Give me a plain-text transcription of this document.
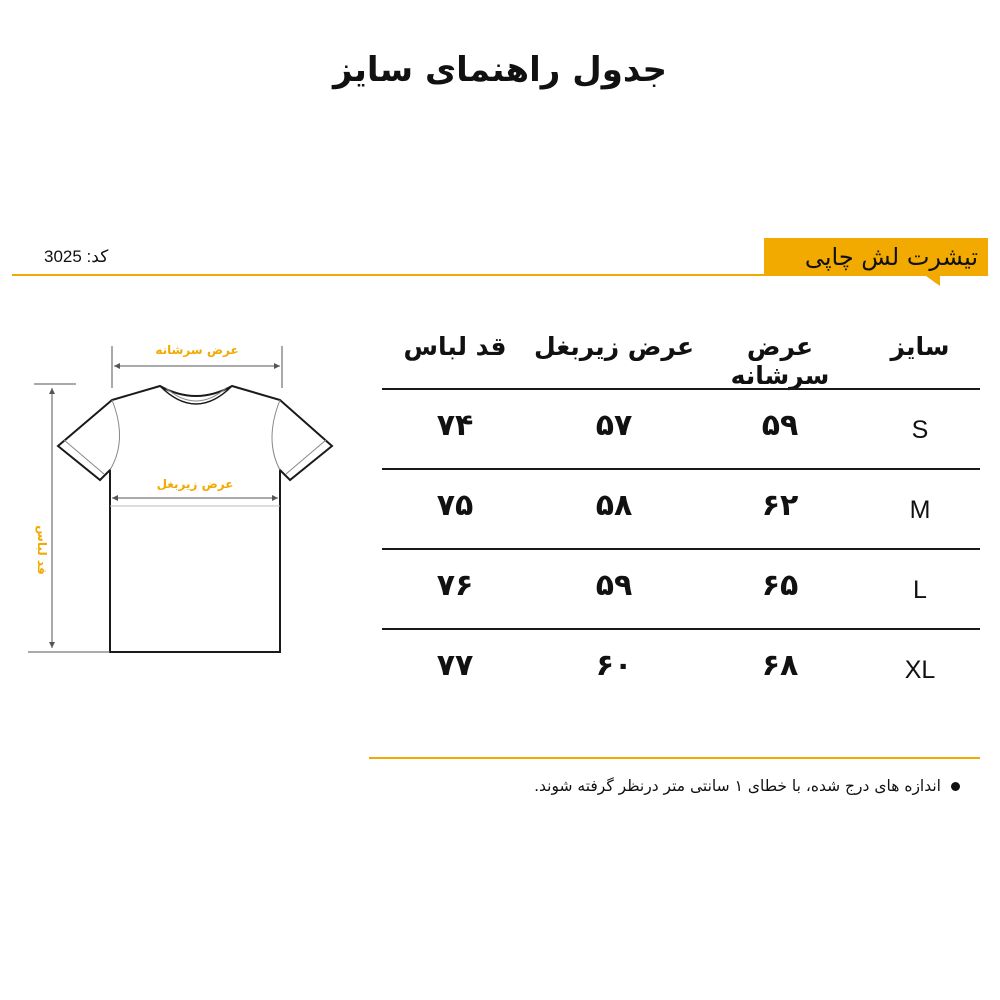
جدول راهنمای سایز
کد: 3025	تیشرت لش چاپی
سایز
عرض سرشانه
عرض زیربغل
قد لباس
S
۵۹
۵۷
۷۴
M
۶۲
۵۸
۷۵
L
۶۵
۵۹
۷۶
XL
۶۸
۶۰
۷۷
اندازه های درج شده، با خطای ۱ سانتی متر درنظر گرفته شوند.
عرض سرشانه
عرض زیربغل
قد لباس
